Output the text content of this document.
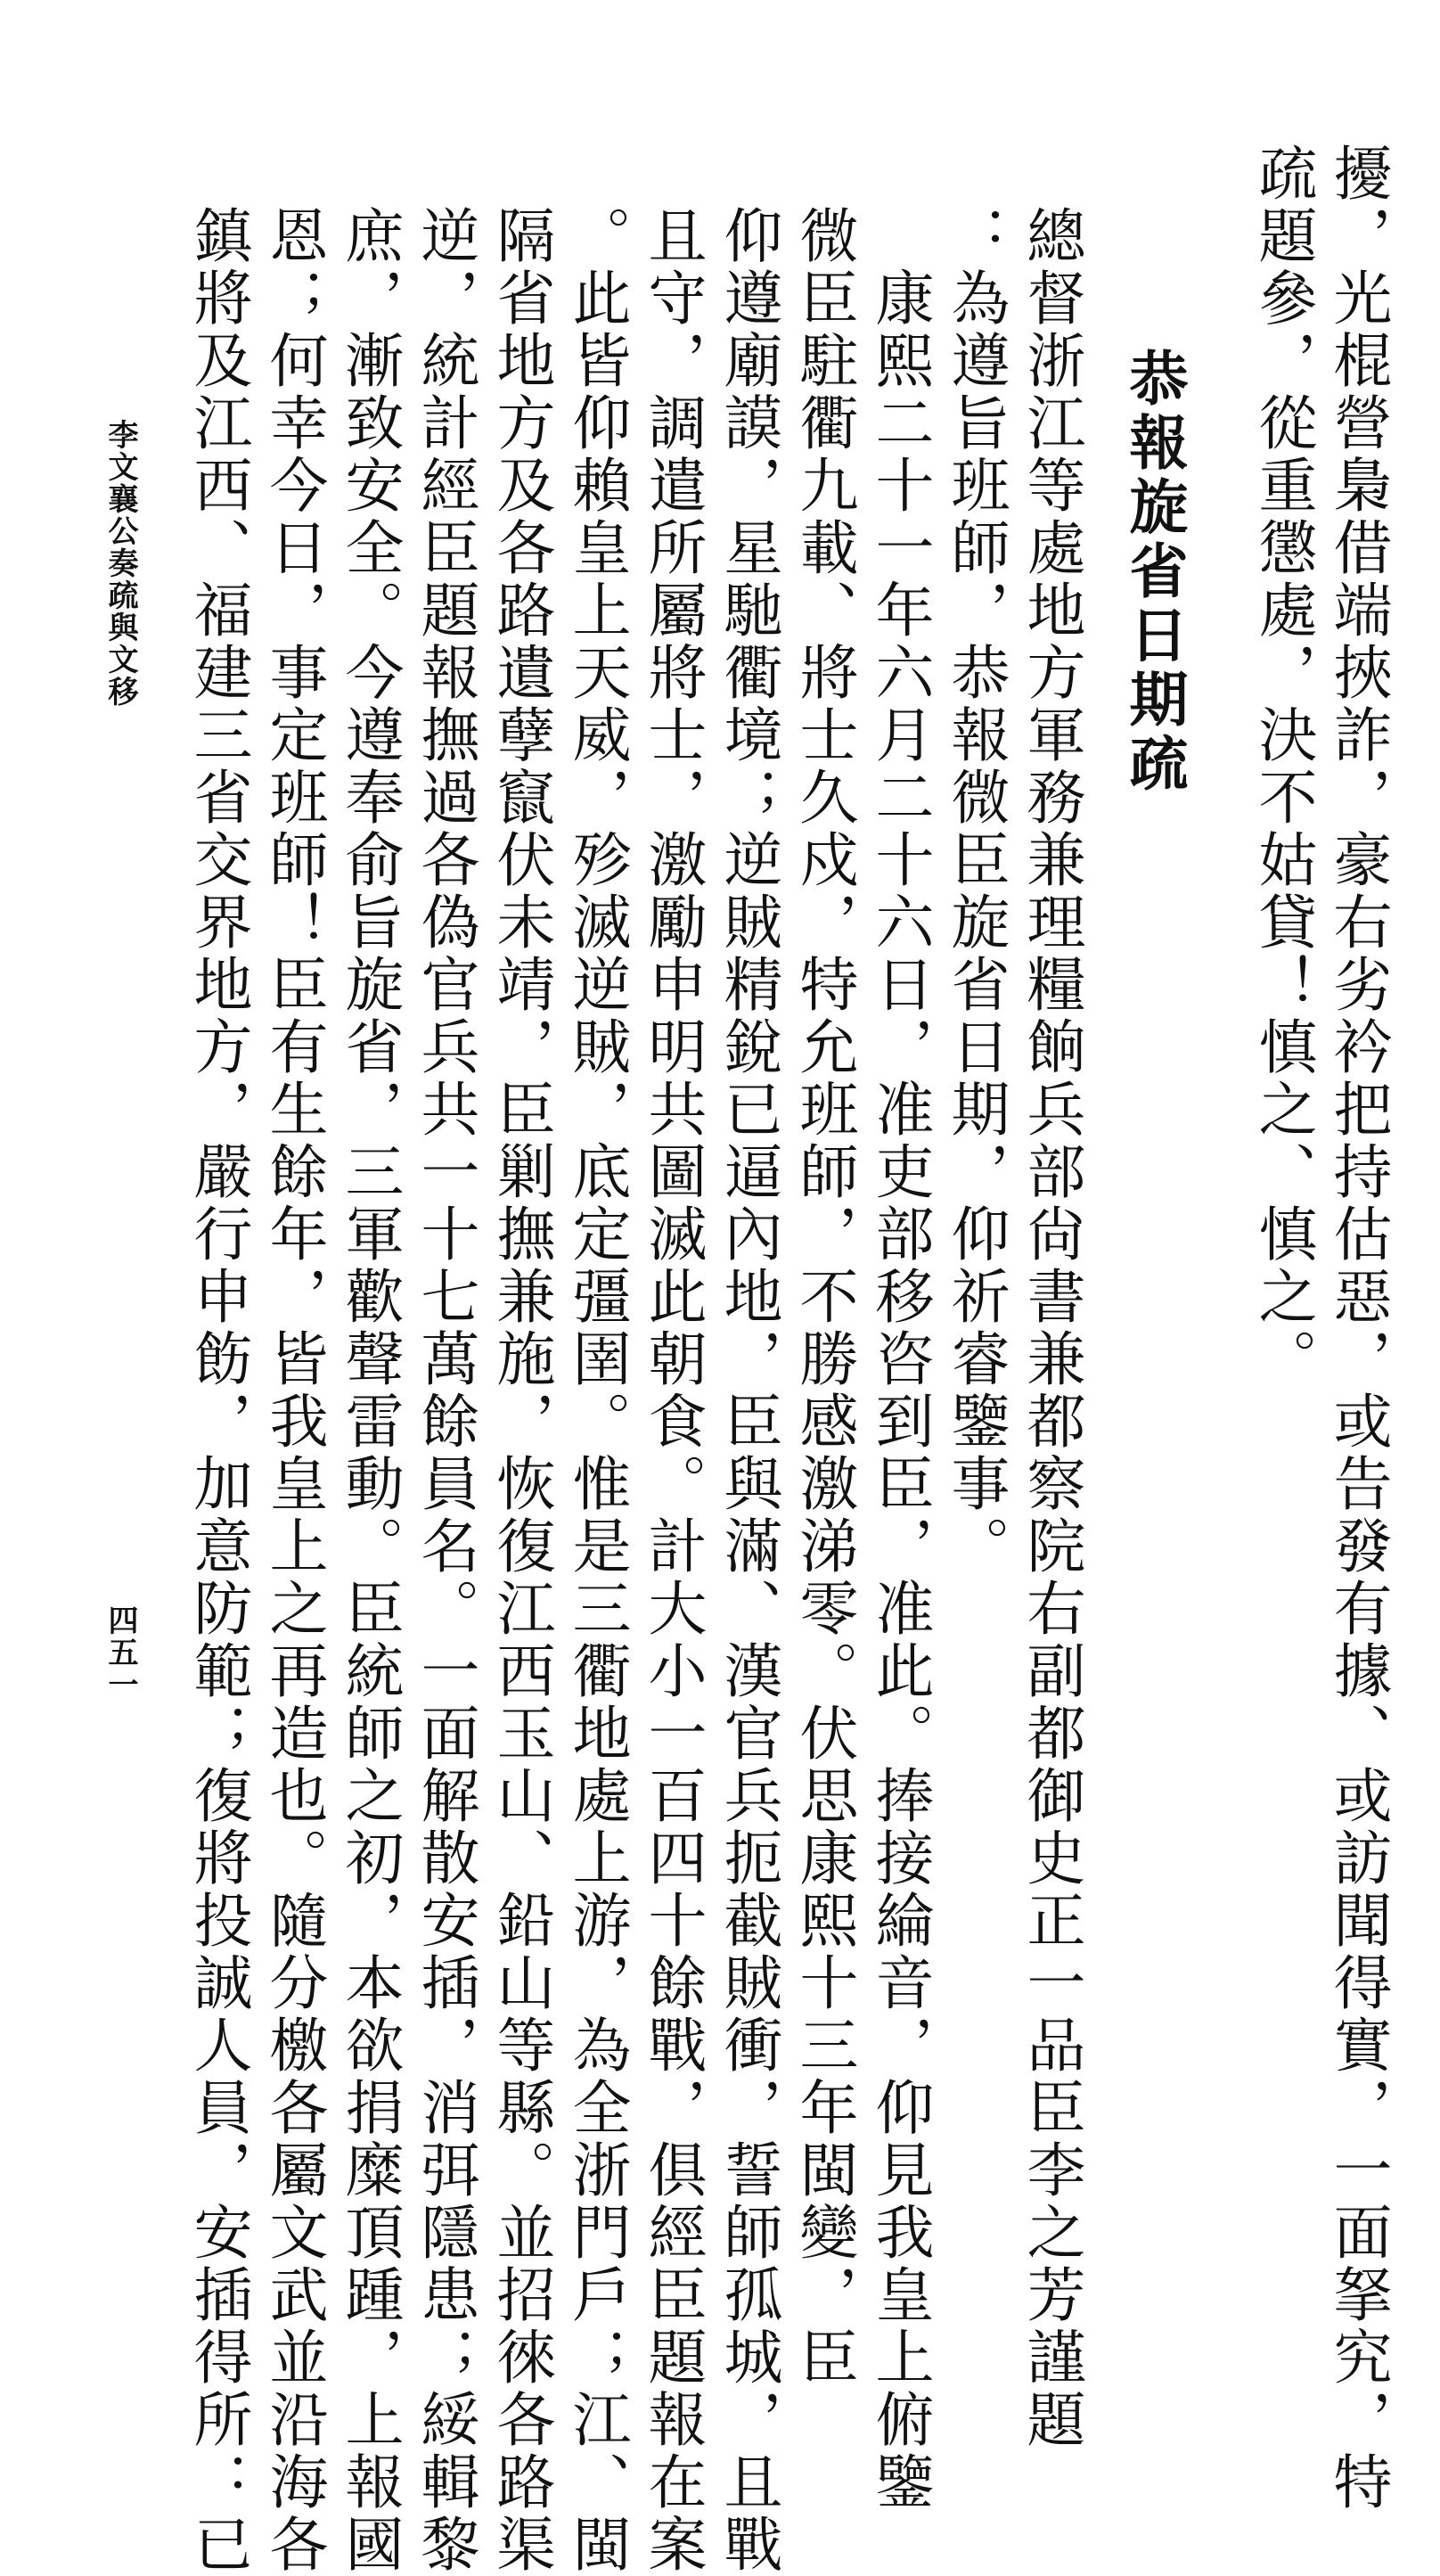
擾，光棍營梟借端挾詐，豪右劣衿把持估惡，或告發有據、或訪聞得實，一面拏究，特
疏題參，從重懲處，決不姑貸！慎之、慎之。
恭報旋省日期疏
總督浙江等處地方軍務兼理糧餉兵部尙書兼都察院右副都御史正一品臣李之芳謹題
：為遵旨班師，恭報微臣旋省日期，仰祈睿鑒事。
康熙二十一年六月二十六日，准吏部移咨到臣，准此。捧接綸音，仰見我皇上俯鑒
微臣駐衢九載、將士久戍，特允班師，不勝感激涕零。伏思康熙十三年閩變，臣
仰遵廟謨，星馳衢境；逆賊精銳已逼內地，臣與滿、漢官兵扼截賊衝，誓師孤城，且戰
且守，調遣所屬將士，激勵申明共圖滅此朝食。計大小一百四十餘戰，俱經臣題報在案
。此皆仰賴皇上天威，殄滅逆賊，底定彊圉。惟是三衢地處上游，為全浙門戶；江、閩
隔省地方及各路遺孽竄伏未靖，臣剿撫兼施，恢復江西玉山、鉛山等縣。並招徠各路渠
逆，統計經臣題報撫過各偽官兵共一十七萬餘員名。一面解散安插，消弭隱患；綏輯黎
庶，漸致安全。今遵奉俞旨旋省，三軍歡聲雷動。臣統師之初，本欲捐糜頂踵，上報國
恩；何幸今日，事定班師！臣有生餘年，皆我皇上之再造也。隨分檄各屬文武並沿海各
鎮將及江西、福建三省交界地方，嚴行申飭，加意防範；復將投誠人員，安插得所：已
李文襄公奏疏與文移
四五一
